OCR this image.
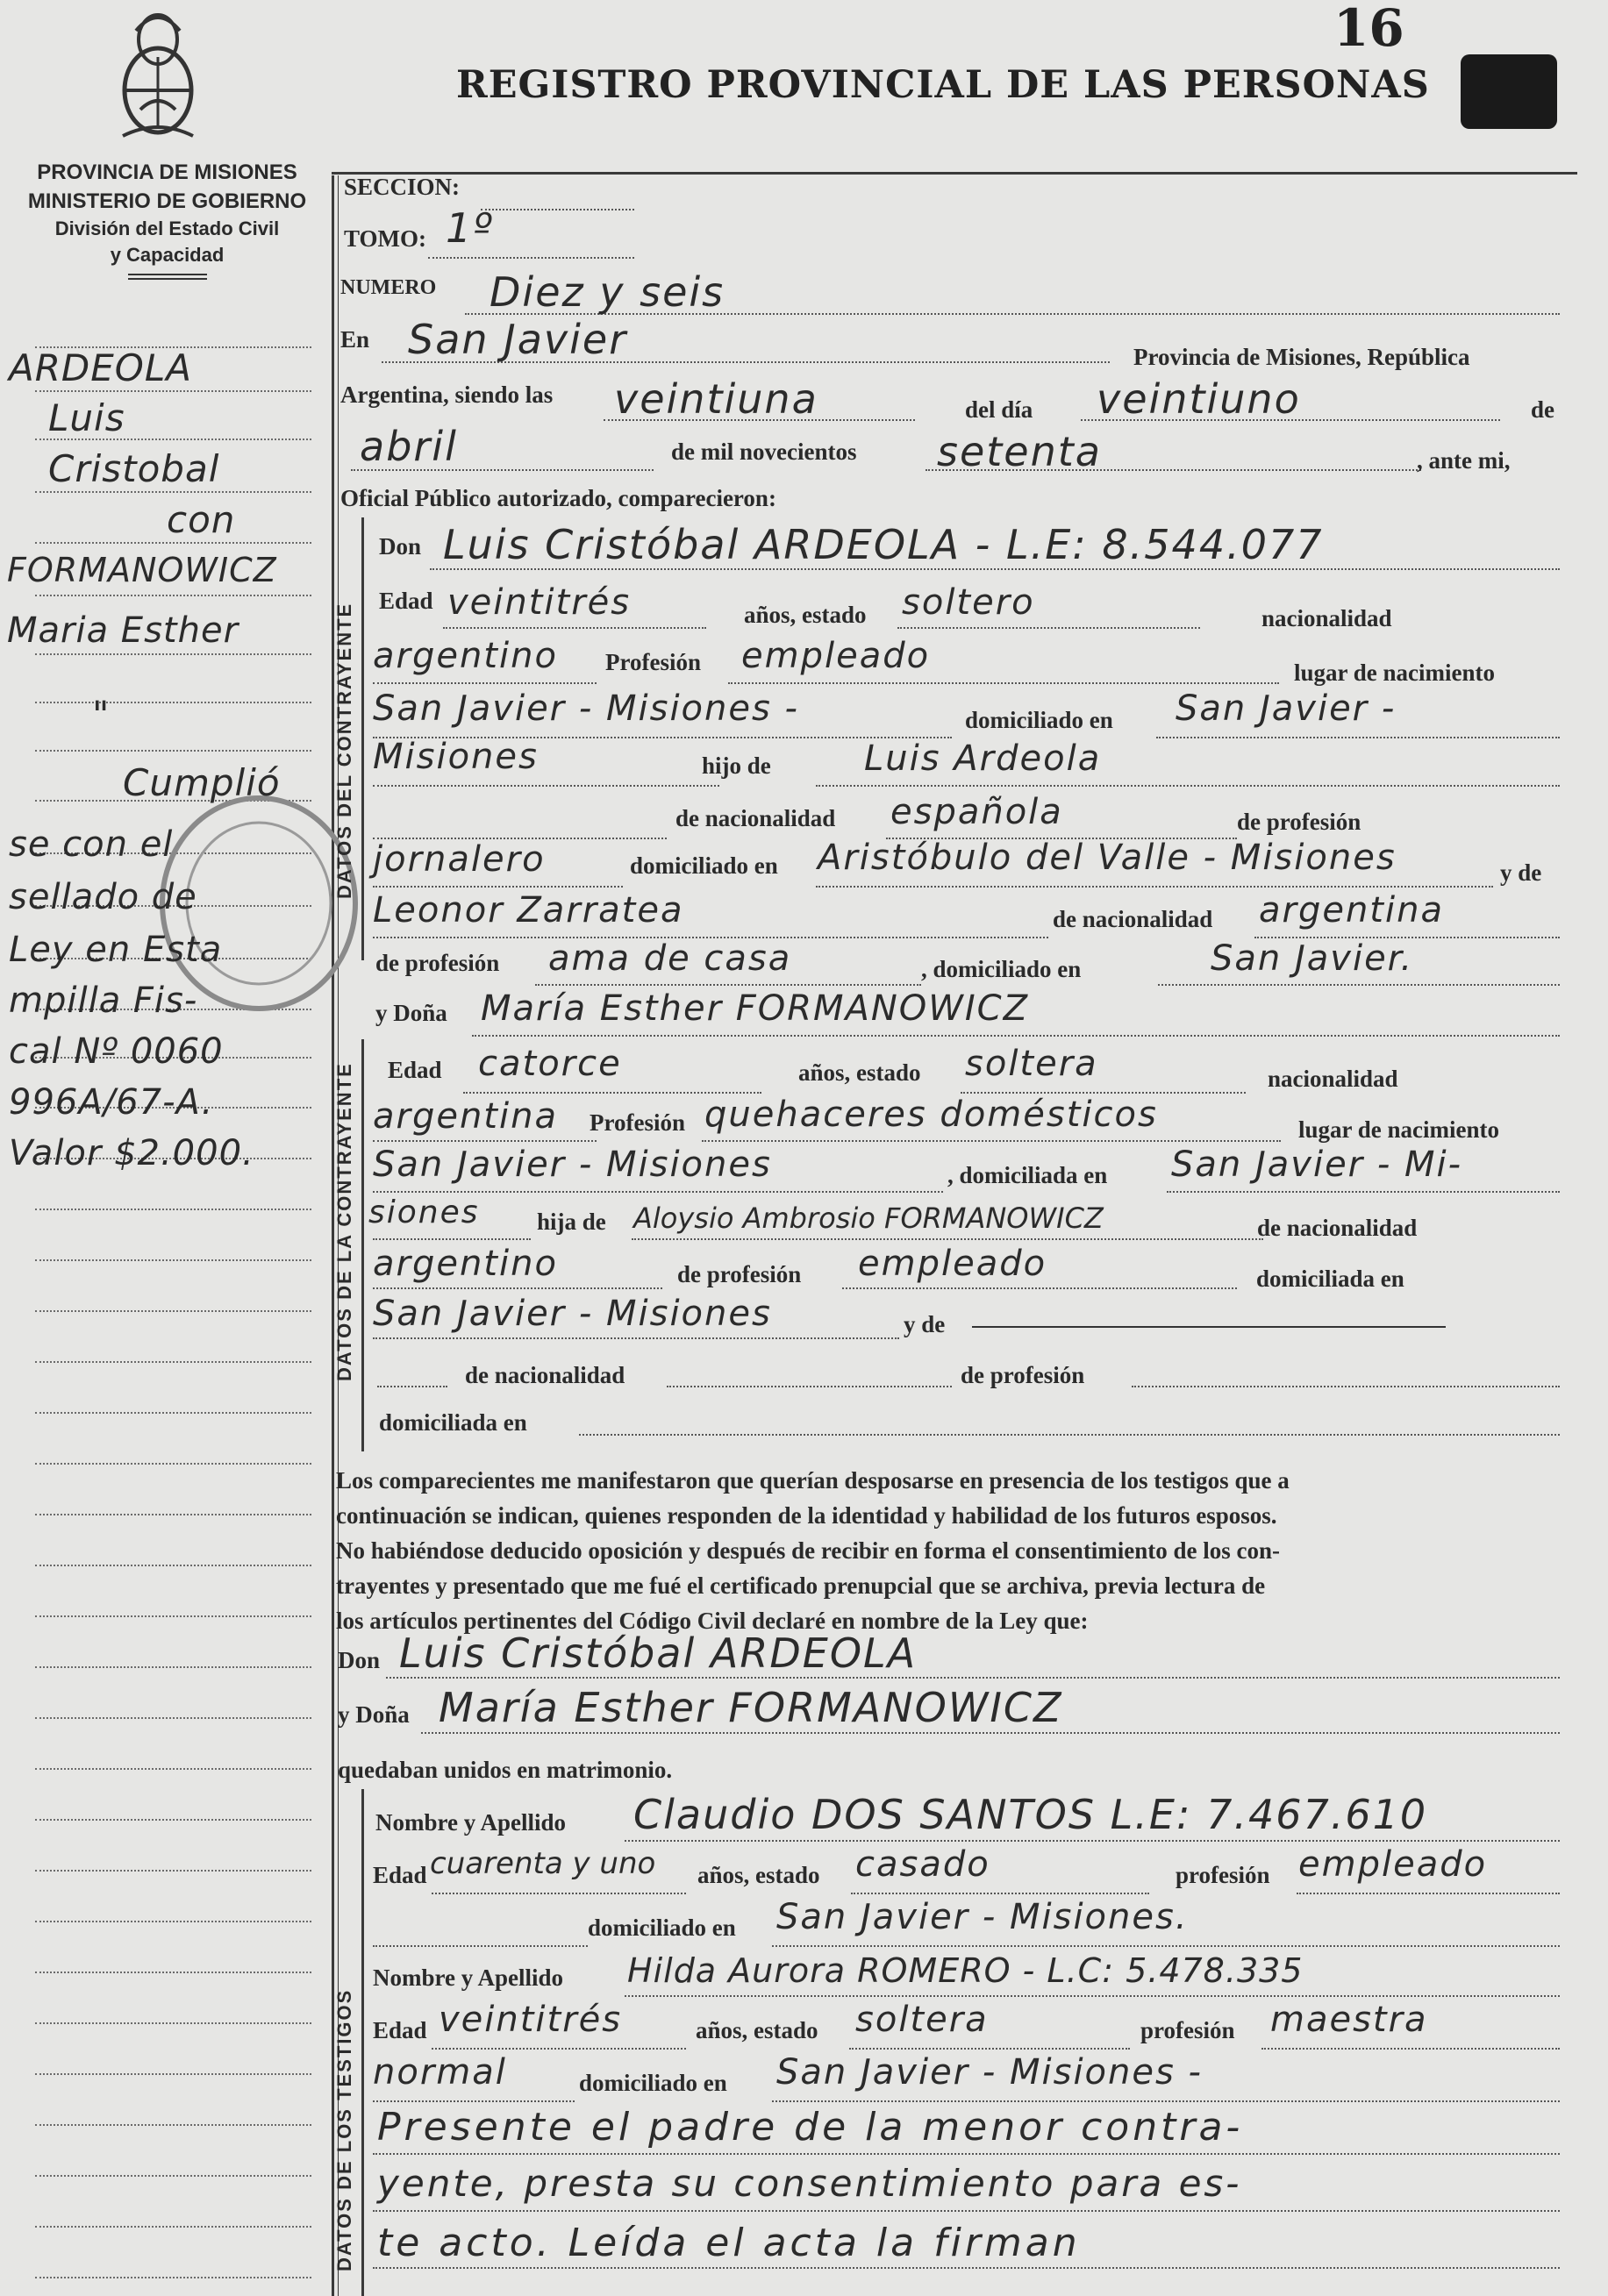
16
REGISTRO PROVINCIAL DE LAS PERSONAS
PROVINCIA DE MISIONES
MINISTERIO DE GOBIERNO
División del Estado Civil
y Capacidad
ARDEOLA
Luis
Cristobal
con
FORMANOWICZ
Maria Esther
"
Cumplió
se con el
sellado de
Ley en Esta
mpilla Fis-
cal Nº 0060
996A/67-A.
Valor $2.000.
SECCION:
TOMO: 1º
NUMERO Diez y seis
En San Javier	Provincia de Misiones, República
Argentina, siendo las veintiuna	del día veintiuno	de
abril	de mil novecientos setenta	, ante mi,
Oficial Público autorizado, comparecieron:
DATOS DEL CONTRAYENTE
Don Luis Cristóbal ARDEOLA - L.E: 8.544.077
Edad veintitrés	años, estado soltero	nacionalidad
argentino Profesión empleado	lugar de nacimiento
San Javier - Misiones -	domiciliado en San Javier -
Misiones	hijo de	Luis Ardeola
de nacionalidad española	de profesión
jornalero	domiciliado en Aristóbulo del Valle - Misiones	y de
Leonor Zarratea	de nacionalidad argentina
de profesión ama de casa	, domiciliado en	San Javier.
y Doña María Esther FORMANOWICZ
DATOS DE LA CONTRAYENTE Edad catorce	años, estado soltera	nacionalidad
argentina Profesión quehaceres domésticos	lugar de nacimiento
San Javier - Misiones	, domiciliada en San Javier - Mi-
siones hija de Aloysio Ambrosio FORMANOWICZ	de nacionalidad
argentino	de profesión empleado	domiciliada en
San Javier - Misiones	y de
de nacionalidad	de profesión
domiciliada en
Los comparecientes me manifestaron que querían desposarse en presencia de los testigos que a
continuación se indican, quienes responden de la identidad y habilidad de los futuros esposos.
No habiéndose deducido oposición y después de recibir en forma el consentimiento de los con-
trayentes y presentado que me fué el certificado prenupcial que se archiva, previa lectura de
los artículos pertinentes del Código Civil declaré en nombre de la Ley que:
Don Luis Cristóbal ARDEOLA
y Doña María Esther FORMANOWICZ
quedaban unidos en matrimonio.
DATOS DE LOS TESTIGOS
Nombre y Apellido Claudio DOS SANTOS L.E: 7.467.610
Edad cuarenta y uno años, estado casado	profesión empleado
domiciliado en San Javier - Misiones.
Nombre y Apellido Hilda Aurora ROMERO - L.C: 5.478.335
Edad veintitrés	años, estado soltera	profesión maestra
normal	domiciliado en San Javier - Misiones -
Presente el padre de la menor contra-
yente, presta su consentimiento para es-
te acto. Leída el acta la firman
